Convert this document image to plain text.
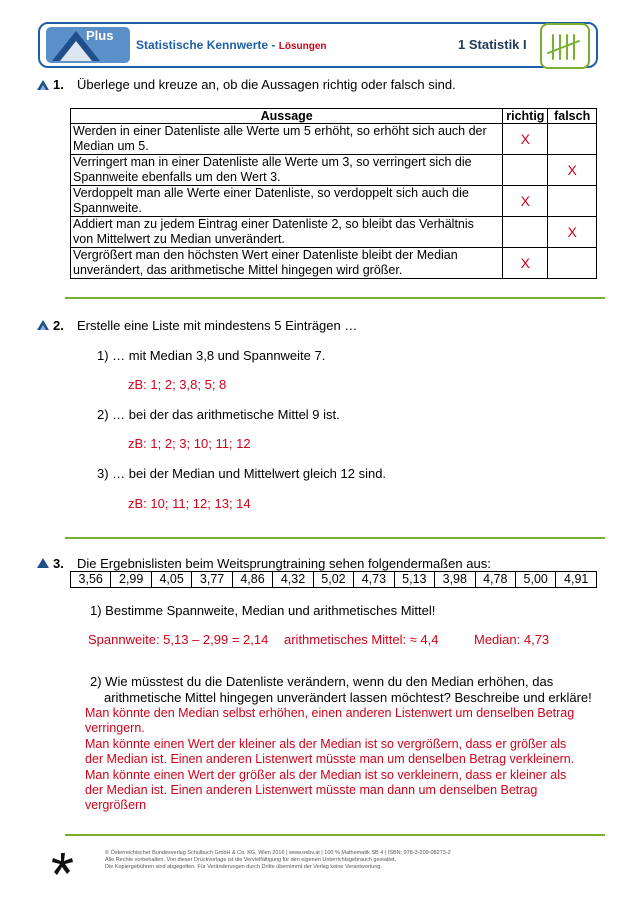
Plus
Statistische Kennwerte - Lösungen	1 Statistik I
1. Überlege und kreuze an, ob die Aussagen richtig oder falsch sind.
Aussage	richtig	falsch

Werden in einer Datenliste alle Werte um 5 erhöht, so erhöht sich auch der
Median um 5.	X	

Verringert man in einer Datenliste alle Werte um 3, so verringert sich die
Spannweite ebenfalls um den Wert 3.		X

Verdoppelt man alle Werte einer Datenliste, so verdoppelt sich auch die
Spannweite.	X	

Addiert man zu jedem Eintrag einer Datenliste 2, so bleibt das Verhältnis
von Mittelwert zu Median unverändert.		X

Vergrößert man den höchsten Wert einer Datenliste bleibt der Median
unverändert, das arithmetische Mittel hingegen wird größer.	X	
2. Erstelle eine Liste mit mindestens 5 Einträgen …
1) … mit Median 3,8 und Spannweite 7.
zB: 1; 2; 3,8; 5; 8
2) … bei der das arithmetische Mittel 9 ist.
zB: 1; 2; 3; 10; 11; 12
3) … bei der Median und Mittelwert gleich 12 sind.
zB: 10; 11; 12; 13; 14
3. Die Ergebnislisten beim Weitsprungtraining sehen folgendermaßen aus:
3,56	2,99	4,05	3,77	4,86	4,32	5,02	4,73	5,13	3,98	4,78	5,00	4,91
1) Bestimme Spannweite, Median und arithmetisches Mittel!
Spannweite: 5,13 – 2,99 = 2,14 arithmetisches Mittel: ≈ 4,4	Median: 4,73
2) Wie müsstest du die Datenliste verändern, wenn du den Median erhöhen, das
arithmetische Mittel hingegen unverändert lassen möchtest? Beschreibe und erkläre!
Man könnte den Median selbst erhöhen, einen anderen Listenwert um denselben Betrag
verringern.
Man könnte einen Wert der kleiner als der Median ist so vergrößern, dass er größer als
der Median ist. Einen anderen Listenwert müsste man um denselben Betrag verkleinern.
Man könnte einen Wert der größer als der Median ist so verkleinern, dass er kleiner als
der Median ist. Einen anderen Listenwert müsste man dann um denselben Betrag
vergrößern
© Österreichischer Bundesverlag Schulbuch GmbH & Co. KG, Wien 2016 | www.oebv.at | 100 % Mathematik SB 4 | ISBN: 978-3-209-08273-2
Alle Rechte vorbehalten. Von dieser Druckvorlage ist die Vervielfältigung für den eigenen Unterrichtsgebrauch gestattet.
Die Kopiergebühren sind abgegolten. Für Veränderungen durch Dritte übernimmt der Verlag keine Verantwortung.
